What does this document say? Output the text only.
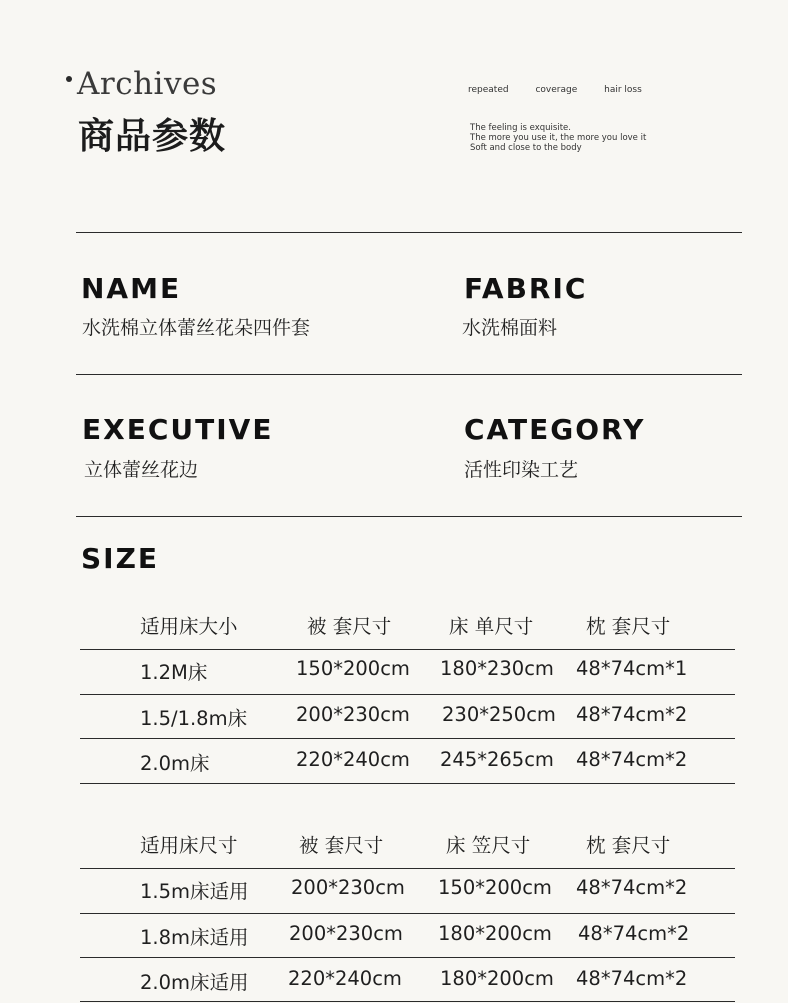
Archives
商品参数
repeated	coverage	hair loss
The feeling is exquisite.
The more you use it, the more you love it
Soft and close to the body
NAME
水洗棉立体蕾丝花朵四件套
FABRIC
水洗棉面料
EXECUTIVE
立体蕾丝花边
CATEGORY
活性印染工艺
SIZE
适用床大小	被 套尺寸	床 单尺寸	枕 套尺寸
1.2M床	150*200cm 180*230cm 48*74cm*1
1.5/1.8m床	200*230cm 230*250cm 48*74cm*2
2.0m床	220*240cm 245*265cm 48*74cm*2
适用床尺寸	被 套尺寸	床 笠尺寸	枕 套尺寸
1.5m床适用 200*230cm 150*200cm 48*74cm*2
1.8m床适用 200*230cm 180*200cm 48*74cm*2
2.0m床适用 220*240cm 180*200cm 48*74cm*2
